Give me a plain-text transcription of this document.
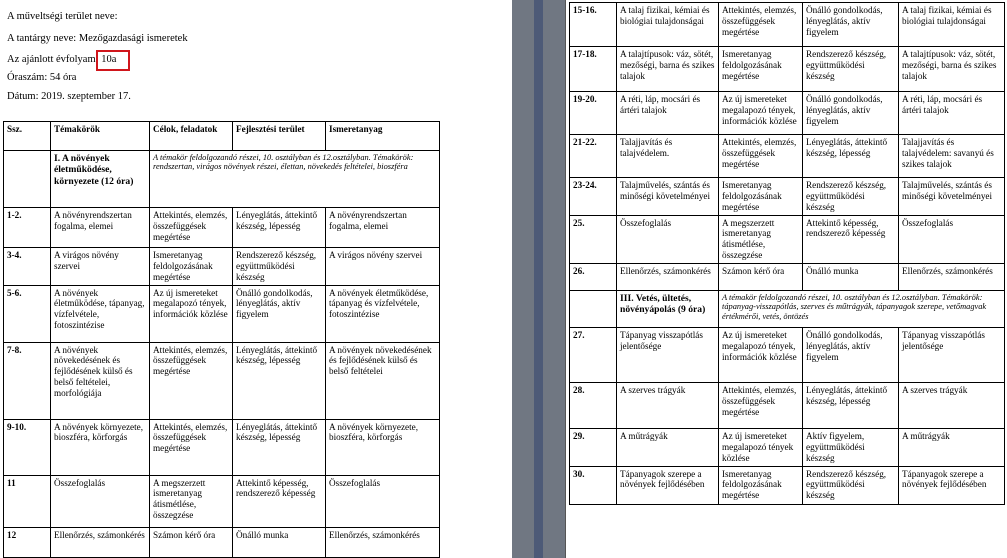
A műveltségi terület neve:
A tantárgy neve: Mezőgazdasági ismeretek
Az ajánlott évfolyam: 10a
Óraszám: 54 óra
Dátum: 2019. szeptember 17.
Ssz.	Témakörök	Célok, feladatok	Fejlesztési terület	Ismeretanyag
	I. A növények életműködése, környezete (12 óra)	A témakör feldolgozandó részei, 10. osztályban és 12.osztályban. Témakörök: rendszertan, virágos növények részei, élettan, növekedés feltételei, bioszféra		
1-2.	A növényrendszertan fogalma, elemei	Attekintés, elemzés, összefüggések megértése	Lényeglátás, áttekintő készség, lépesség	A növényrendszertan fogalma, elemei
3-4.	A virágos növény szervei	Ismeretanyag feldolgozásának megértése	Rendszerező készség, együttműködési készség	A virágos növény szervei
5-6.	A növények életműködése, tápanyag, vízfelvétele, fotoszintézise	Az új ismereteket megalapozó tények, információk közlése	Önálló gondolkodás, lényeglátás, aktív figyelem	A növények életműködése, tápanyag és vízfelvétele, fotoszintézise
7-8.	A növények növekedésének és fejlődésének külső és belső feltételei, morfológiája	Attekintés, elemzés, összefüggések megértése	Lényeglátás, áttekintő készség, lépesség	A növények növekedésének és fejlődésének külső és belső feltételei
9-10.	A növények környezete, bioszféra, körforgás	Attekintés, elemzés, összefüggések megértése	Lényeglátás, áttekintő készség, lépesség	A növények környezete, bioszféra, körforgás
11	Összefoglalás	A megszerzett ismeretanyag átismétlése, összegzése	Attekintő képesség, rendszerező képesség	Összefoglalás
12	Ellenőrzés, számonkérés	Számon kérő óra	Önálló munka	Ellenőrzés, számonkérés
15-16.	A talaj fizikai, kémiai és biológiai tulajdonságai	Attekintés, elemzés, összefüggések megértése	Önálló gondolkodás, lényeglátás, aktív figyelem	A talaj fizikai, kémiai és biológiai tulajdonságai
17-18.	A talajtípusok: váz, sötét, mezőségi, barna és szikes talajok	Ismeretanyag feldolgozásának megértése	Rendszerező készség, együttműködési készség	A talajtípusok: váz, sötét, mezőségi, barna és szikes talajok
19-20.	A réti, láp, mocsári és ártéri talajok	Az új ismereteket megalapozó tények, információk közlése	Önálló gondolkodás, lényeglátás, aktív figyelem	A réti, láp, mocsári és ártéri talajok
21-22.	Talajjavítás és talajvédelem.	Attekintés, elemzés, összefüggések megértése	Lényeglátás, áttekintő készség, lépesség	Talajjavítás és talajvédelem: savanyú és szikes talajok
23-24.	Talajművelés, szántás és minőségi követelményei	Ismeretanyag feldolgozásának megértése	Rendszerező készség, együttműködési készség	Talajművelés, szántás és minőségi követelményei
25.	Összefoglalás	A megszerzett ismeretanyag átismétlése, összegzése	Attekintő képesség, rendszerező képesség	Összefoglalás
26.	Ellenőrzés, számonkérés	Számon kérő óra	Önálló munka	Ellenőrzés, számonkérés
	III. Vetés, ültetés, növényápolás (9 óra)	A témakör feldolgozandó részei, 10. osztályban és 12.osztályban. Témakörök: tápanyag-visszapótlás, szerves és műtrágyák, tápanyagok szerepe, vetőmagvak értékmérői, vetés, öntözés		
27.	Tápanyag visszapótlás jelentősége	Az új ismereteket megalapozó tények, információk közlése	Önálló gondolkodás, lényeglátás, aktív figyelem	Tápanyag visszapótlás jelentősége
28.	A szerves trágyák	Attekintés, elemzés, összefüggések megértése	Lényeglátás, áttekintő készség, lépesség	A szerves trágyák
29.	A műtrágyák	Az új ismereteket megalapozó tények közlése	Aktív figyelem, együttműködési készség	A műtrágyák
30.	Tápanyagok szerepe a növények fejlődésében	Ismeretanyag feldolgozásának megértése	Rendszerező készség, együttműködési készség	Tápanyagok szerepe a növények fejlődésében
